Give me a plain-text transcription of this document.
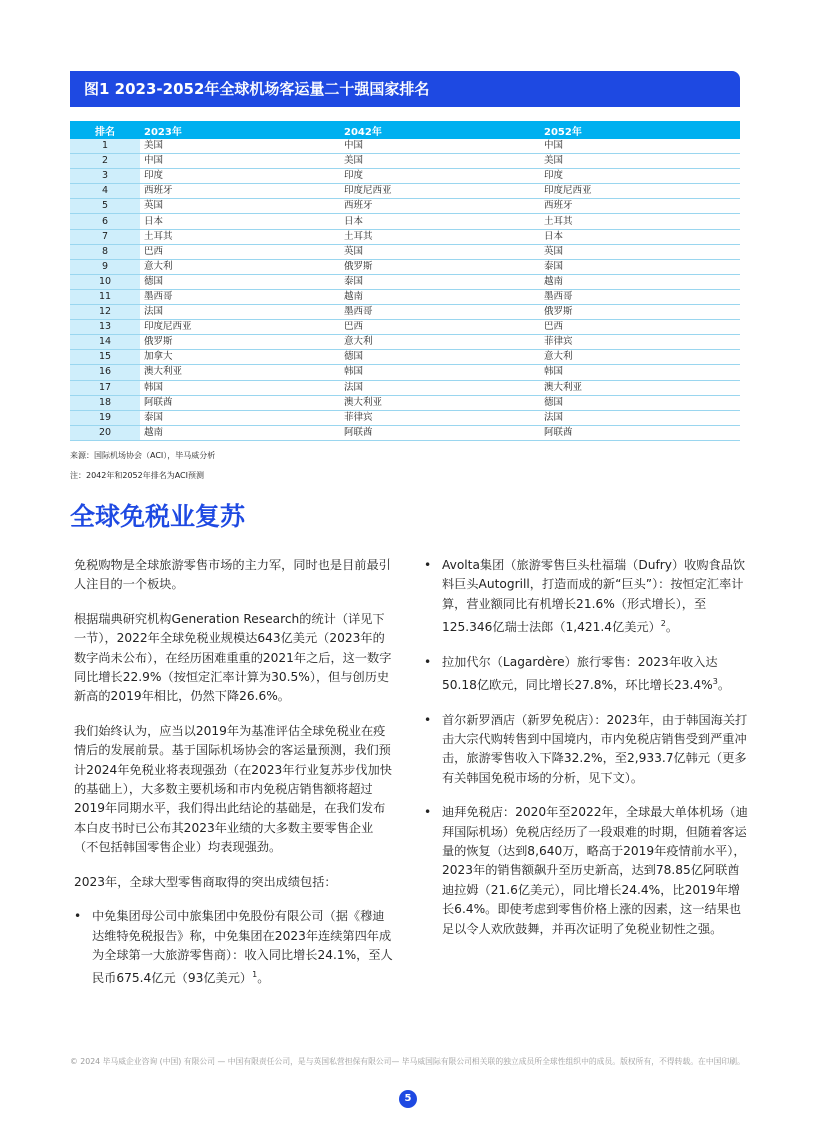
图1 2023-2052年全球机场客运量二十强国家排名
排名	2023年	2042年	2052年
1	美国	中国	中国
2	中国	美国	美国
3	印度	印度	印度
4	西班牙	印度尼西亚	印度尼西亚
5	英国	西班牙	西班牙
6	日本	日本	土耳其
7	土耳其	土耳其	日本
8	巴西	英国	英国
9	意大利	俄罗斯	泰国
10	德国	泰国	越南
11	墨西哥	越南	墨西哥
12	法国	墨西哥	俄罗斯
13	印度尼西亚	巴西	巴西
14	俄罗斯	意大利	菲律宾
15	加拿大	德国	意大利
16	澳大利亚	韩国	韩国
17	韩国	法国	澳大利亚
18	阿联酋	澳大利亚	德国
19	泰国	菲律宾	法国
20	越南	阿联酋	阿联酋
来源：国际机场协会（ACI），毕马威分析
注：2042年和2052年排名为ACI预测
全球免税业复苏

免税购物是全球旅游零售市场的主力军，同时也是目前最引人注目的一个板块。

根据瑞典研究机构Generation Research的统计（详见下一节），2022年全球免税业规模达643亿美元（2023年的数字尚未公布），在经历困难重重的2021年之后，这一数字同比增长22.9%（按恒定汇率计算为30.5%），但与创历史新高的2019年相比，仍然下降26.6%。

我们始终认为，应当以2019年为基准评估全球免税业在疫情后的发展前景。基于国际机场协会的客运量预测，我们预计2024年免税业将表现强劲（在2023年行业复苏步伐加快的基础上），大多数主要机场和市内免税店销售额将超过2019年同期水平，我们得出此结论的基础是，在我们发布本白皮书时已公布其2023年业绩的大多数主要零售企业（不包括韩国零售企业）均表现强劲。

2023年，全球大型零售商取得的突出成绩包括：

• 中免集团母公司中旅集团中免股份有限公司（据《穆迪达维特免税报告》称，中免集团在2023年连续第四年成为全球第一大旅游零售商）：收入同比增长24.1%，至人民币675.4亿元（93亿美元）$^1$。
• Avolta集团（旅游零售巨头杜福瑞（Dufry）收购食品饮料巨头Autogrill，打造而成的新“巨头”）：按恒定汇率计算，营业额同比有机增长21.6%（形式增长），至125.346亿瑞士法郎（1,421.4亿美元）$^2$。
• 拉加代尔（Lagardère）旅行零售：2023年收入达50.18亿欧元，同比增长27.8%，环比增长23.4%$^3$。
• 首尔新罗酒店（新罗免税店）：2023年，由于韩国海关打击大宗代购转售到中国境内，市内免税店销售受到严重冲击，旅游零售收入下降32.2%，至2,933.7亿韩元（更多有关韩国免税市场的分析，见下文）。
• 迪拜免税店：2020年至2022年，全球最大单体机场（迪拜国际机场）免税店经历了一段艰难的时期，但随着客运量的恢复（达到8,640万，略高于2019年疫情前水平），2023年的销售额飙升至历史新高，达到78.85亿阿联酋迪拉姆（21.6亿美元），同比增长24.4%，比2019年增长6.4%。即使考虑到零售价格上涨的因素，这一结果也足以令人欢欣鼓舞，并再次证明了免税业韧性之强。
© 2024 毕马威企业咨询 (中国) 有限公司 — 中国有限责任公司，是与英国私营担保有限公司— 毕马威国际有限公司相关联的独立成员所全球性组织中的成员。版权所有，不得转载。在中国印刷。
5
